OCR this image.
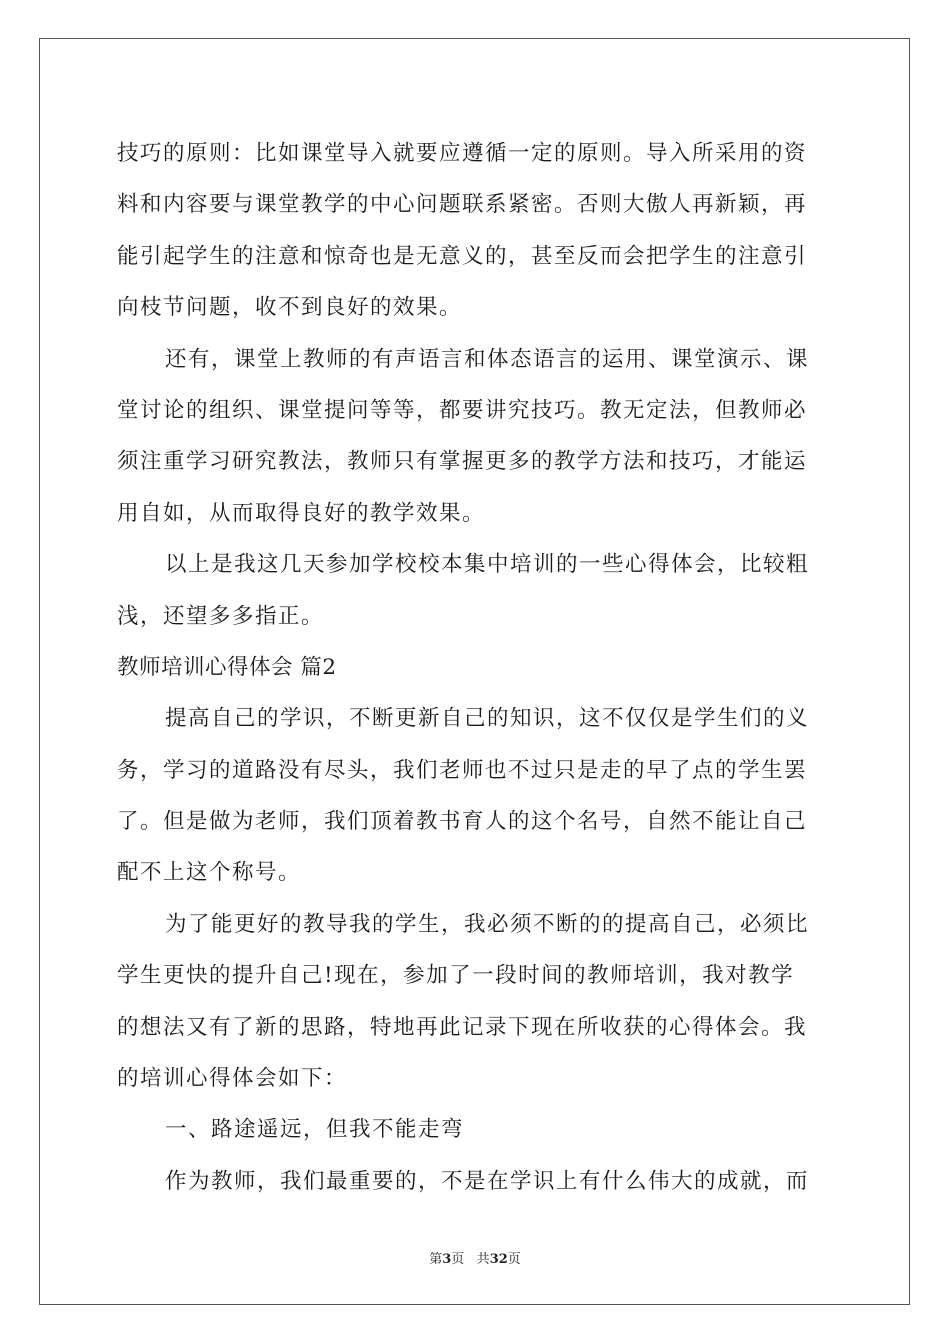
技巧的原则：比如课堂导入就要应遵循一定的原则。导入所采用的资

料和内容要与课堂教学的中心问题联系紧密。否则大傲人再新颖，再

能引起学生的注意和惊奇也是无意义的，甚至反而会把学生的注意引

向枝节问题，收不到良好的效果。

还有，课堂上教师的有声语言和体态语言的运用、课堂演示、课

堂讨论的组织、课堂提问等等，都要讲究技巧。教无定法，但教师必

须注重学习研究教法，教师只有掌握更多的教学方法和技巧，才能运

用自如，从而取得良好的教学效果。

以上是我这几天参加学校校本集中培训的一些心得体会，比较粗

浅，还望多多指正。

教师培训心得体会 篇2

提高自己的学识，不断更新自己的知识，这不仅仅是学生们的义

务，学习的道路没有尽头，我们老师也不过只是走的早了点的学生罢

了。但是做为老师，我们顶着教书育人的这个名号，自然不能让自己

配不上这个称号。

为了能更好的教导我的学生，我必须不断的的提高自己，必须比

学生更快的提升自己!现在，参加了一段时间的教师培训，我对教学

的想法又有了新的思路，特地再此记录下现在所收获的心得体会。我

的培训心得体会如下：

一、路途遥远，但我不能走弯

作为教师，我们最重要的，不是在学识上有什么伟大的成就，而

第3页 共32页
